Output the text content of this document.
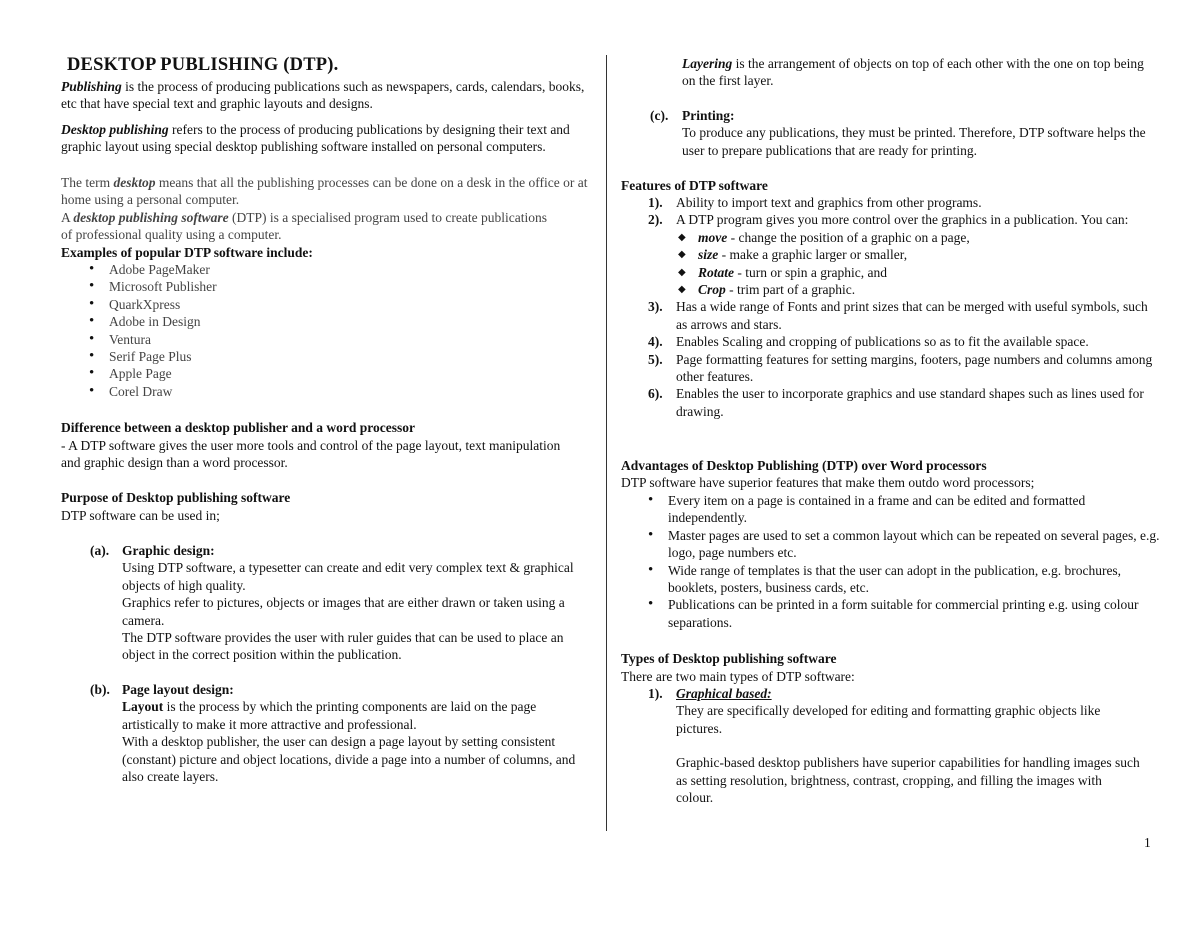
DESKTOP PUBLISHING (DTP).

Publishing is the process of producing publications such as newspapers, cards, calendars, books, etc that have special text and graphic layouts and designs.

Desktop publishing refers to the process of producing publications by designing their text and graphic layout using special desktop publishing software installed on personal computers.

The term desktop means that all the publishing processes can be done on a desk in the office or at home using a personal computer.

A desktop publishing software (DTP) is a specialised program used to create publications of professional quality using a computer.

Examples of popular DTP software include:

• Adobe PageMaker
• Microsoft Publisher
• QuarkXpress
• Adobe in Design
• Ventura
• Serif Page Plus
• Apple Page
• Corel Draw

Difference between a desktop publisher and a word processor

- A DTP software gives the user more tools and control of the page layout, text manipulation and graphic design than a word processor.

Purpose of Desktop publishing software

DTP software can be used in;

(a). Graphic design:
Using DTP software, a typesetter can create and edit very complex text & graphical objects of high quality.
Graphics refer to pictures, objects or images that are either drawn or taken using a camera.
The DTP software provides the user with ruler guides that can be used to place an object in the correct position within the publication.
(b). Page layout design:
Layout is the process by which the printing components are laid on the page artistically to make it more attractive and professional.
With a desktop publisher, the user can design a page layout by setting consistent (constant) picture and object locations, divide a page into a number of columns, and also create layers.

Layering is the arrangement of objects on top of each other with the one on top being on the first layer.

(c). Printing:
To produce any publications, they must be printed. Therefore, DTP software helps the user to prepare publications that are ready for printing.

Features of DTP software

1). Ability to import text and graphics from other programs.
2). A DTP program gives you more control over the graphics in a publication. You can:
◆ move - change the position of a graphic on a page,
◆ size - make a graphic larger or smaller,
◆ Rotate - turn or spin a graphic, and
◆ Crop - trim part of a graphic.
3). Has a wide range of Fonts and print sizes that can be merged with useful symbols, such as arrows and stars.
4). Enables Scaling and cropping of publications so as to fit the available space.
5). Page formatting features for setting margins, footers, page numbers and columns among other features.
6). Enables the user to incorporate graphics and use standard shapes such as lines used for drawing.

Advantages of Desktop Publishing (DTP) over Word processors

DTP software have superior features that make them outdo word processors;

• Every item on a page is contained in a frame and can be edited and formatted independently.
• Master pages are used to set a common layout which can be repeated on several pages, e.g. logo, page numbers etc.
• Wide range of templates is that the user can adopt in the publication, e.g. brochures, booklets, posters, business cards, etc.
• Publications can be printed in a form suitable for commercial printing e.g. using colour separations.

Types of Desktop publishing software

There are two main types of DTP software:

1). Graphical based:
They are specifically developed for editing and formatting graphic objects like pictures.
Graphic-based desktop publishers have superior capabilities for handling images such as setting resolution, brightness, contrast, cropping, and filling the images with colour.
1
